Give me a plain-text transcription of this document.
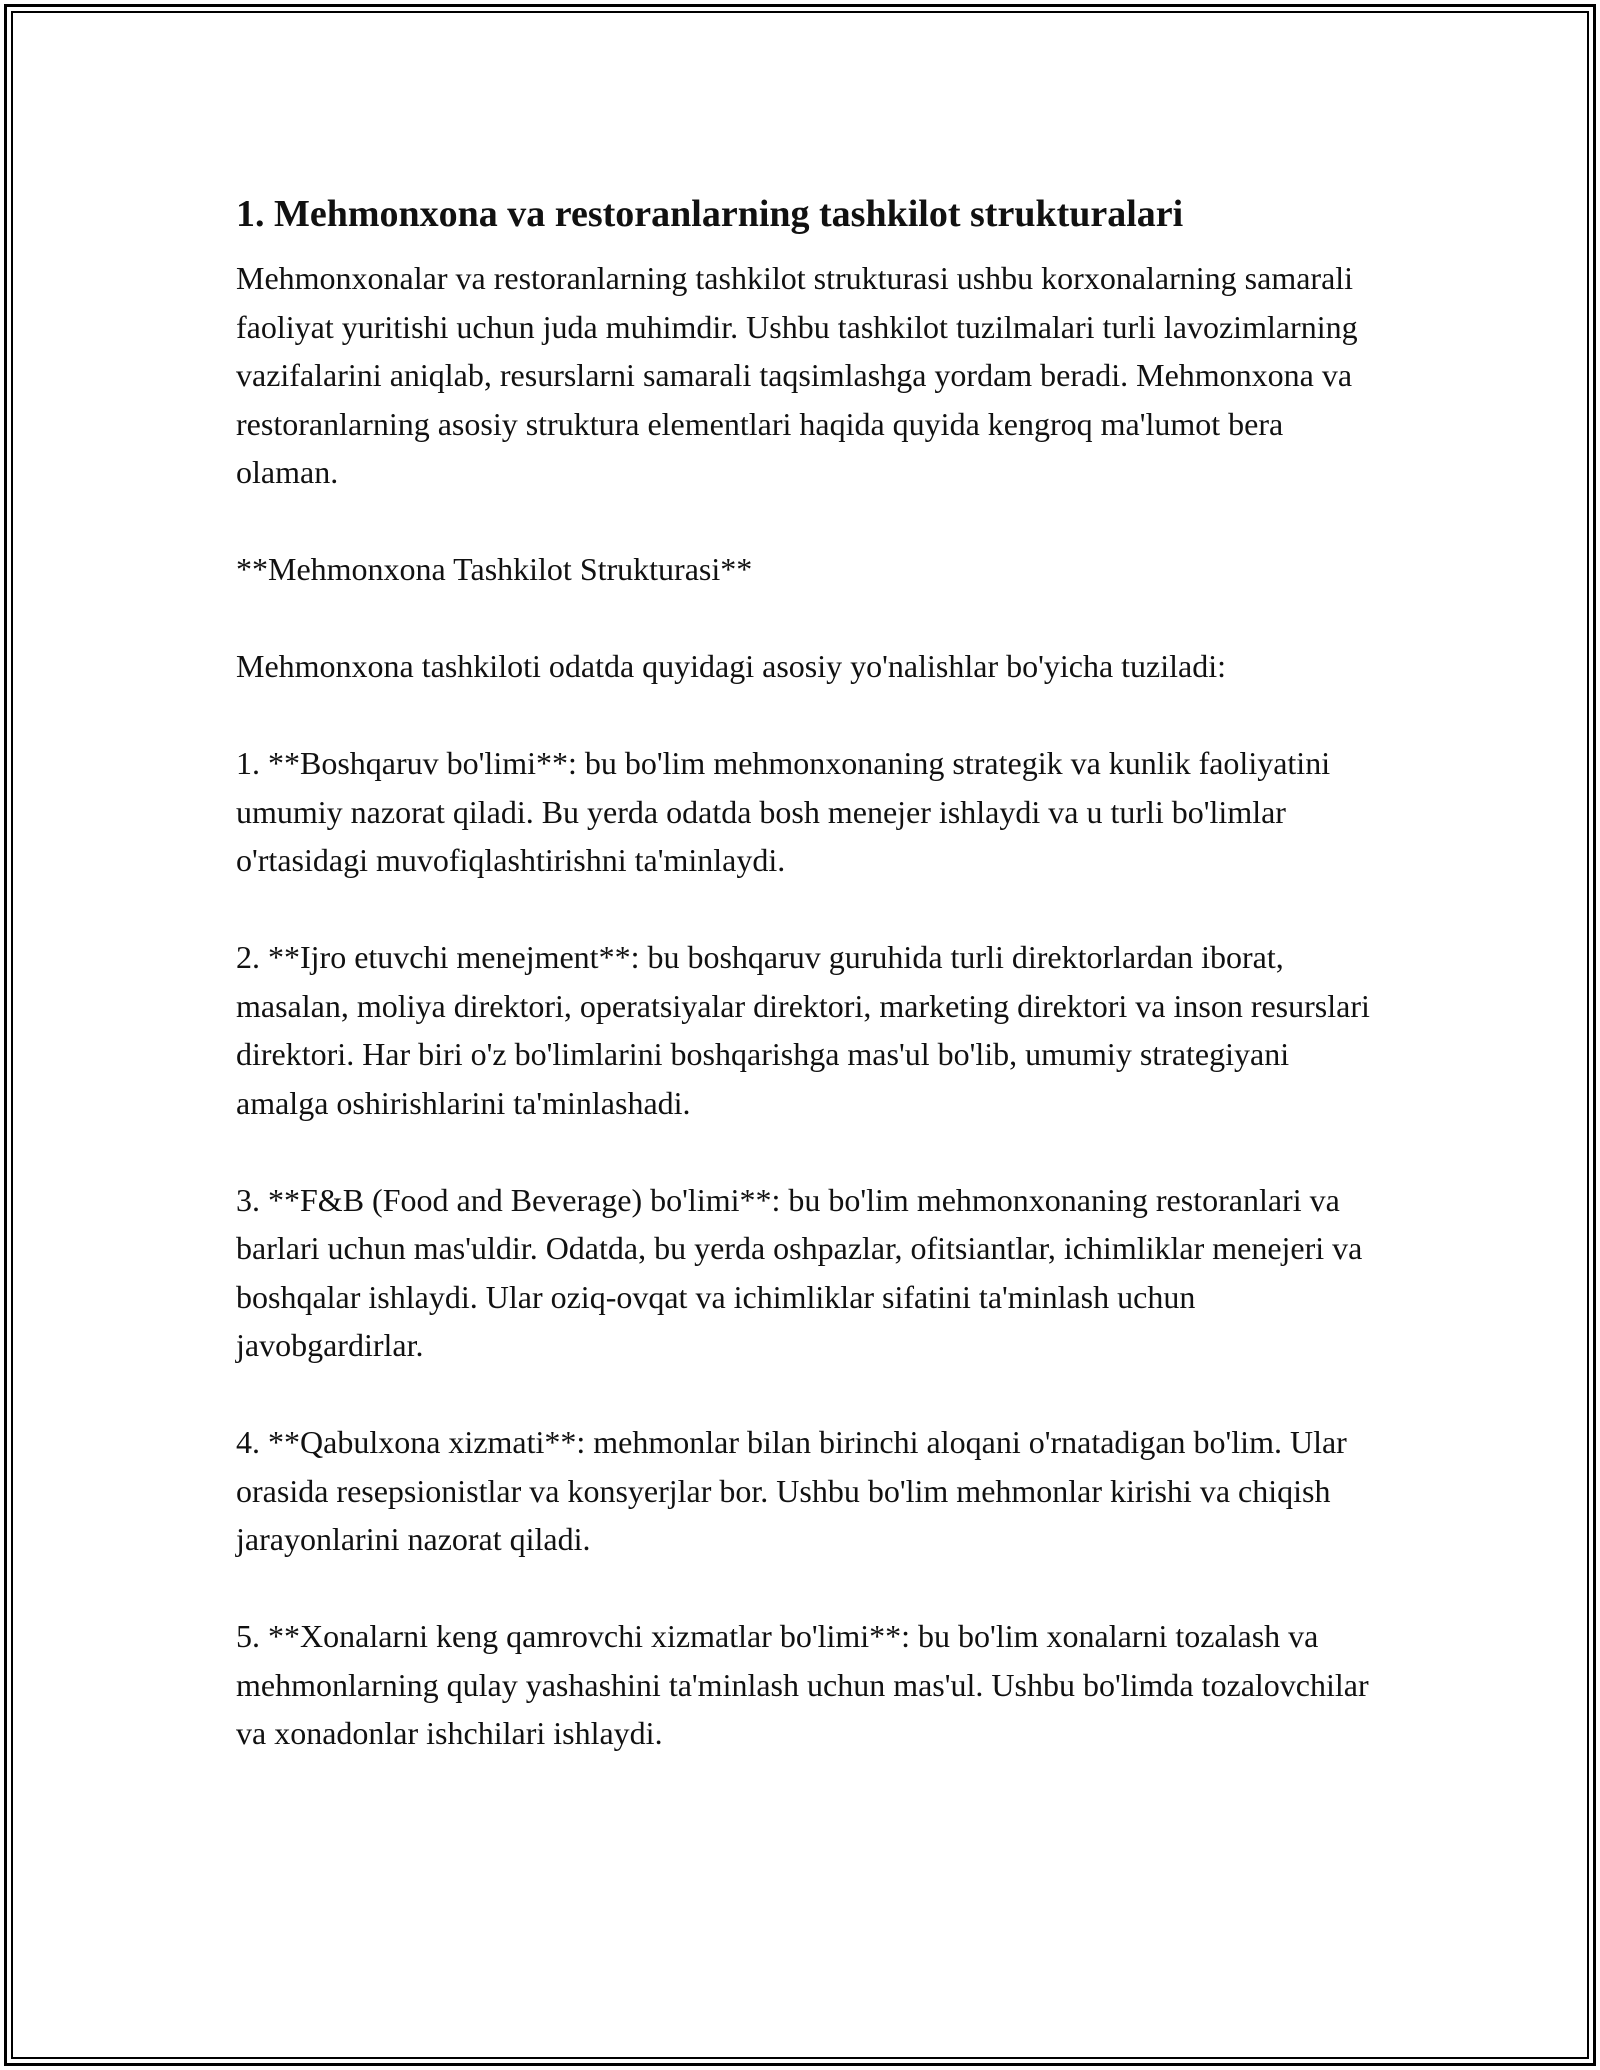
1. Mehmonxona va restoranlarning tashkilot strukturalari

Mehmonxonalar va restoranlarning tashkilot strukturasi ushbu korxonalarning samarali faoliyat yuritishi uchun juda muhimdir. Ushbu tashkilot tuzilmalari turli lavozimlarning vazifalarini aniqlab, resurslarni samarali taqsimlashga yordam beradi. Mehmonxona va restoranlarning asosiy struktura elementlari haqida quyida kengroq ma'lumot bera olaman.

**Mehmonxona Tashkilot Strukturasi**

Mehmonxona tashkiloti odatda quyidagi asosiy yo'nalishlar bo'yicha tuziladi:

1. **Boshqaruv bo'limi**: bu bo'lim mehmonxonaning strategik va kunlik faoliyatini umumiy nazorat qiladi. Bu yerda odatda bosh menejer ishlaydi va u turli bo'limlar o'rtasidagi muvofiqlashtirishni ta'minlaydi.

2. **Ijro etuvchi menejment**: bu boshqaruv guruhida turli direktorlardan iborat, masalan, moliya direktori, operatsiyalar direktori, marketing direktori va inson resurslari direktori. Har biri o'z bo'limlarini boshqarishga mas'ul bo'lib, umumiy strategiyani amalga oshirishlarini ta'minlashadi.

3. **F&B (Food and Beverage) bo'limi**: bu bo'lim mehmonxonaning restoranlari va barlari uchun mas'uldir. Odatda, bu yerda oshpazlar, ofitsiantlar, ichimliklar menejeri va boshqalar ishlaydi. Ular oziq-ovqat va ichimliklar sifatini ta'minlash uchun javobgardirlar.

4. **Qabulxona xizmati**: mehmonlar bilan birinchi aloqani o'rnatadigan bo'lim. Ular orasida resepsionistlar va konsyerjlar bor. Ushbu bo'lim mehmonlar kirishi va chiqish jarayonlarini nazorat qiladi.

5. **Xonalarni keng qamrovchi xizmatlar bo'limi**: bu bo'lim xonalarni tozalash va mehmonlarning qulay yashashini ta'minlash uchun mas'ul. Ushbu bo'limda tozalovchilar va xonadonlar ishchilari ishlaydi.
